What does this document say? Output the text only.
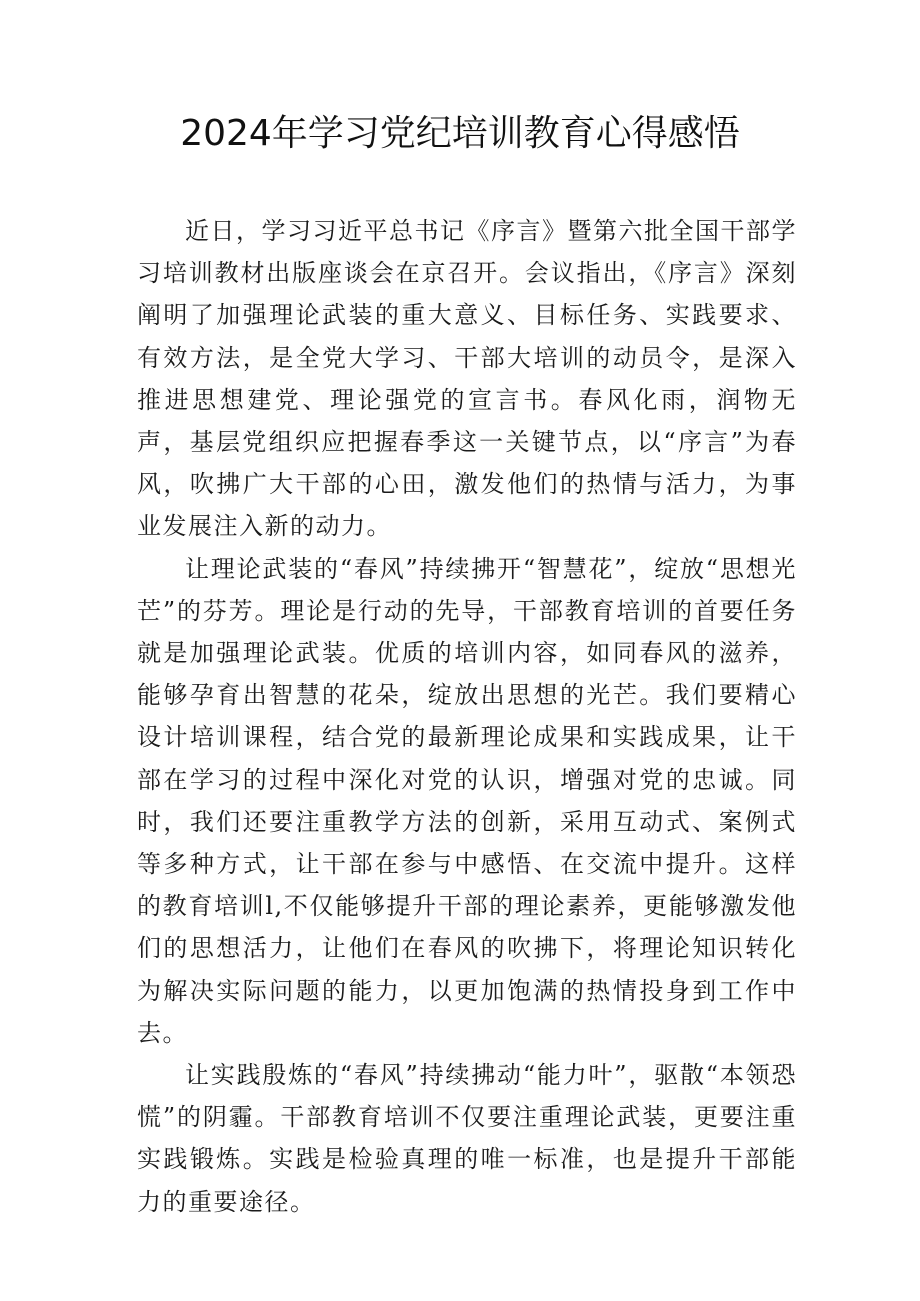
2024年学习党纪培训教育心得感悟

近日，学习习近平总书记《序言》暨第六批全国干部学习培训教材出版座谈会在京召开。会议指出，《序言》深刻阐明了加强理论武装的重大意义、目标任务、实践要求、有效方法，是全党大学习、干部大培训的动员令，是深入推进思想建党、理论强党的宣言书。春风化雨，润物无声，基层党组织应把握春季这一关键节点，以“序言”为春风，吹拂广大干部的心田，激发他们的热情与活力，为事业发展注入新的动力。

让理论武装的“春风”持续拂开“智慧花”，绽放“思想光芒”的芬芳。理论是行动的先导，干部教育培训的首要任务就是加强理论武装。优质的培训内容，如同春风的滋养，能够孕育出智慧的花朵，绽放出思想的光芒。我们要精心设计培训课程，结合党的最新理论成果和实践成果，让干部在学习的过程中深化对党的认识，增强对党的忠诚。同时，我们还要注重教学方法的创新，采用互动式、案例式等多种方式，让干部在参与中感悟、在交流中提升。这样的教育培训l,不仅能够提升干部的理论素养，更能够激发他们的思想活力，让他们在春风的吹拂下，将理论知识转化为解决实际问题的能力，以更加饱满的热情投身到工作中去。

让实践殷炼的“春风”持续拂动“能力叶”，驱散“本领恐慌”的阴霾。干部教育培训不仅要注重理论武装，更要注重实践锻炼。实践是检验真理的唯一标准，也是提升干部能力的重要途径。
